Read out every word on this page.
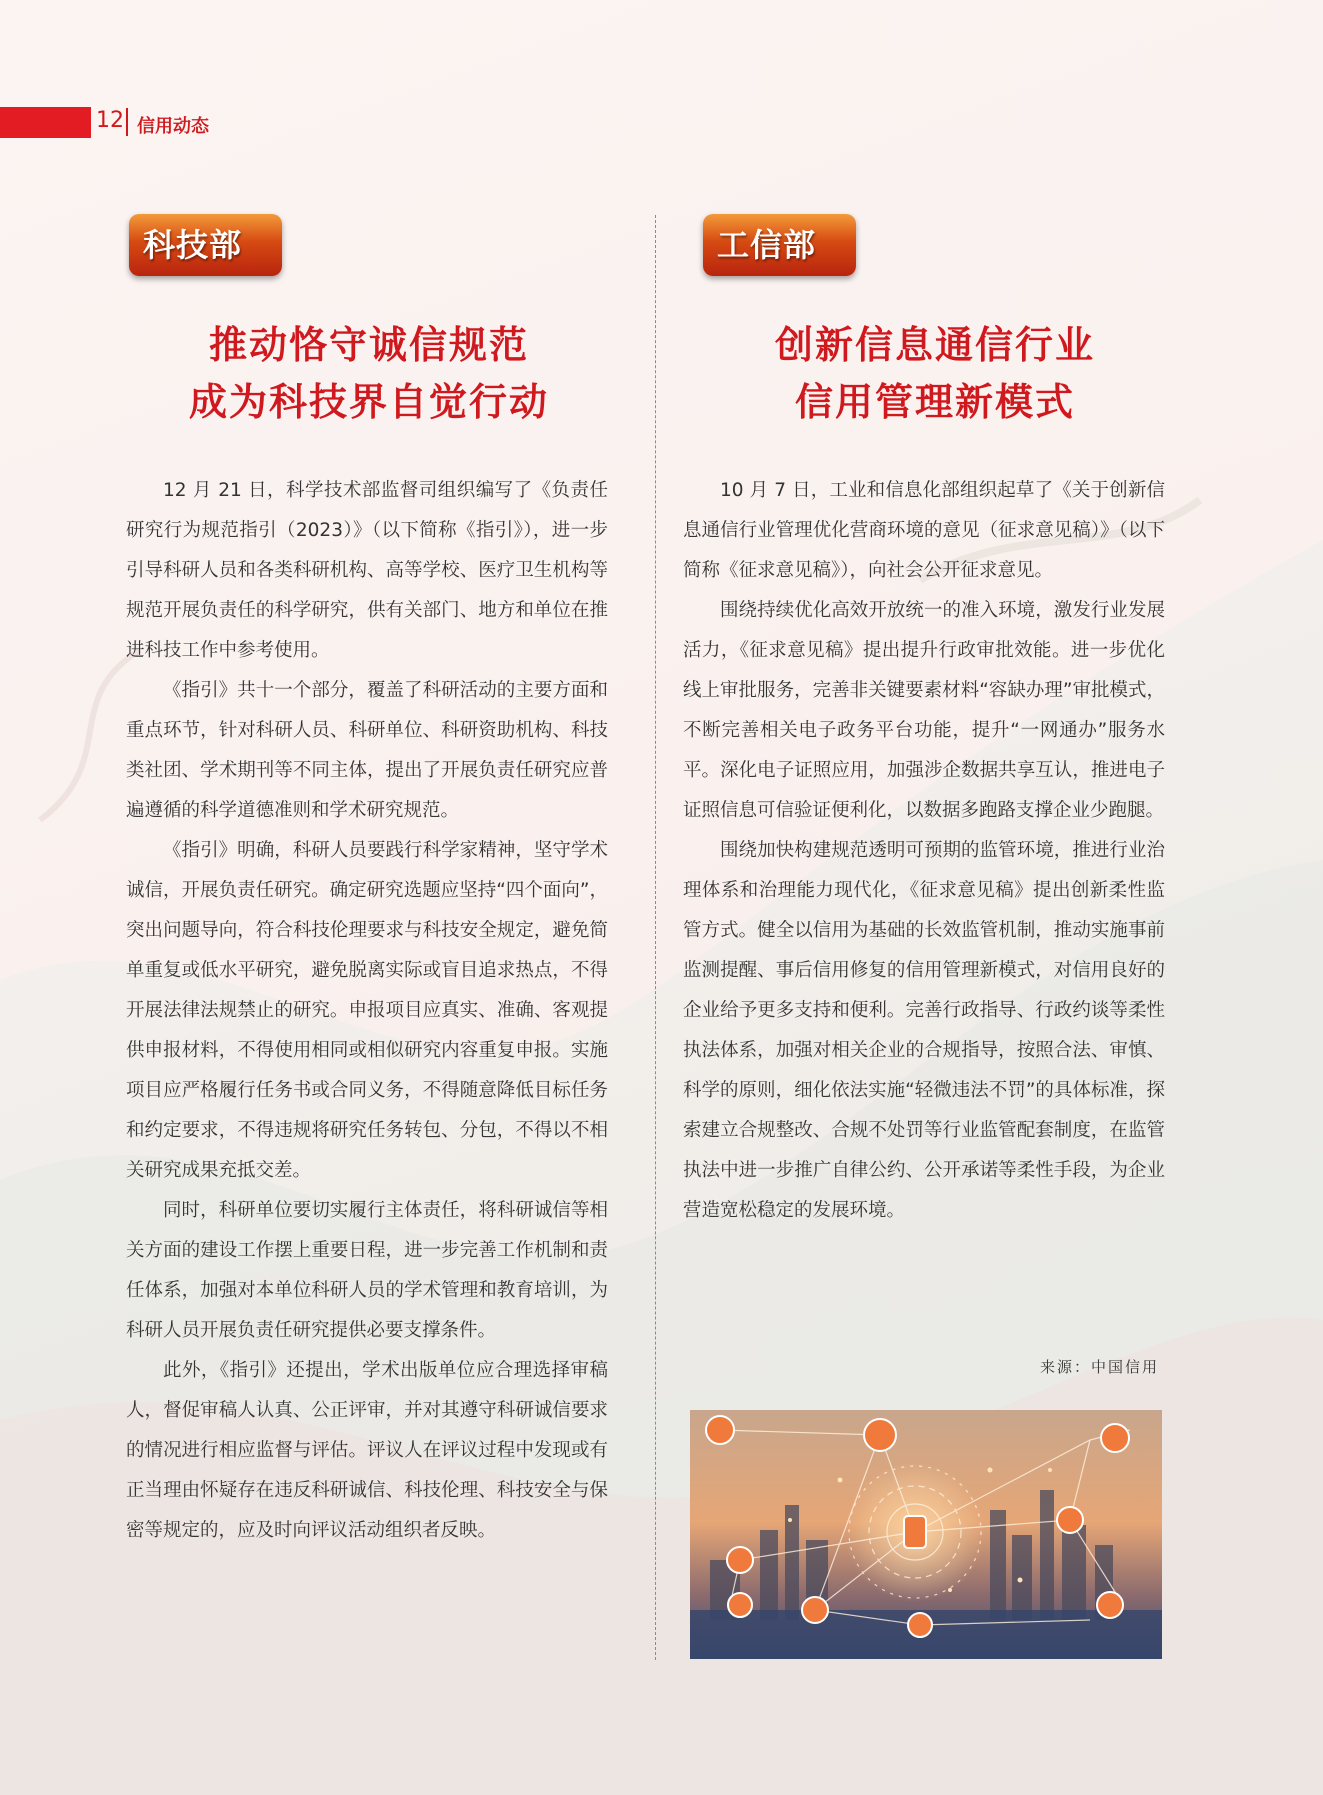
12 信用动态
科技部
推动恪守诚信规范
成为科技界自觉行动

12 月 21 日，科学技术部监督司组织编写了《负责任研究行为规范指引（2023）》（以下简称《指引》），进一步引导科研人员和各类科研机构、高等学校、医疗卫生机构等规范开展负责任的科学研究，供有关部门、地方和单位在推进科技工作中参考使用。

《指引》共十一个部分，覆盖了科研活动的主要方面和重点环节，针对科研人员、科研单位、科研资助机构、科技类社团、学术期刊等不同主体，提出了开展负责任研究应普遍遵循的科学道德准则和学术研究规范。

《指引》明确，科研人员要践行科学家精神，坚守学术诚信，开展负责任研究。确定研究选题应坚持“四个面向”，突出问题导向，符合科技伦理要求与科技安全规定，避免简单重复或低水平研究，避免脱离实际或盲目追求热点，不得开展法律法规禁止的研究。申报项目应真实、准确、客观提供申报材料，不得使用相同或相似研究内容重复申报。实施项目应严格履行任务书或合同义务，不得随意降低目标任务和约定要求，不得违规将研究任务转包、分包，不得以不相关研究成果充抵交差。

同时，科研单位要切实履行主体责任，将科研诚信等相关方面的建设工作摆上重要日程，进一步完善工作机制和责任体系，加强对本单位科研人员的学术管理和教育培训，为科研人员开展负责任研究提供必要支撑条件。

此外，《指引》还提出，学术出版单位应合理选择审稿人，督促审稿人认真、公正评审，并对其遵守科研诚信要求的情况进行相应监督与评估。评议人在评议过程中发现或有正当理由怀疑存在违反科研诚信、科技伦理、科技安全与保密等规定的，应及时向评议活动组织者反映。

工信部
创新信息通信行业
信用管理新模式

10 月 7 日，工业和信息化部组织起草了《关于创新信息通信行业管理优化营商环境的意见（征求意见稿）》（以下简称《征求意见稿》），向社会公开征求意见。

围绕持续优化高效开放统一的准入环境，激发行业发展活力，《征求意见稿》提出提升行政审批效能。进一步优化线上审批服务，完善非关键要素材料“容缺办理”审批模式，不断完善相关电子政务平台功能，提升“一网通办”服务水平。深化电子证照应用，加强涉企数据共享互认，推进电子证照信息可信验证便利化，以数据多跑路支撑企业少跑腿。

围绕加快构建规范透明可预期的监管环境，推进行业治理体系和治理能力现代化，《征求意见稿》提出创新柔性监管方式。健全以信用为基础的长效监管机制，推动实施事前监测提醒、事后信用修复的信用管理新模式，对信用良好的企业给予更多支持和便利。完善行政指导、行政约谈等柔性执法体系，加强对相关企业的合规指导，按照合法、审慎、科学的原则，细化依法实施“轻微违法不罚”的具体标准，探索建立合规整改、合规不处罚等行业监管配套制度，在监管执法中进一步推广自律公约、公开承诺等柔性手段，为企业营造宽松稳定的发展环境。

来源：中国信用
